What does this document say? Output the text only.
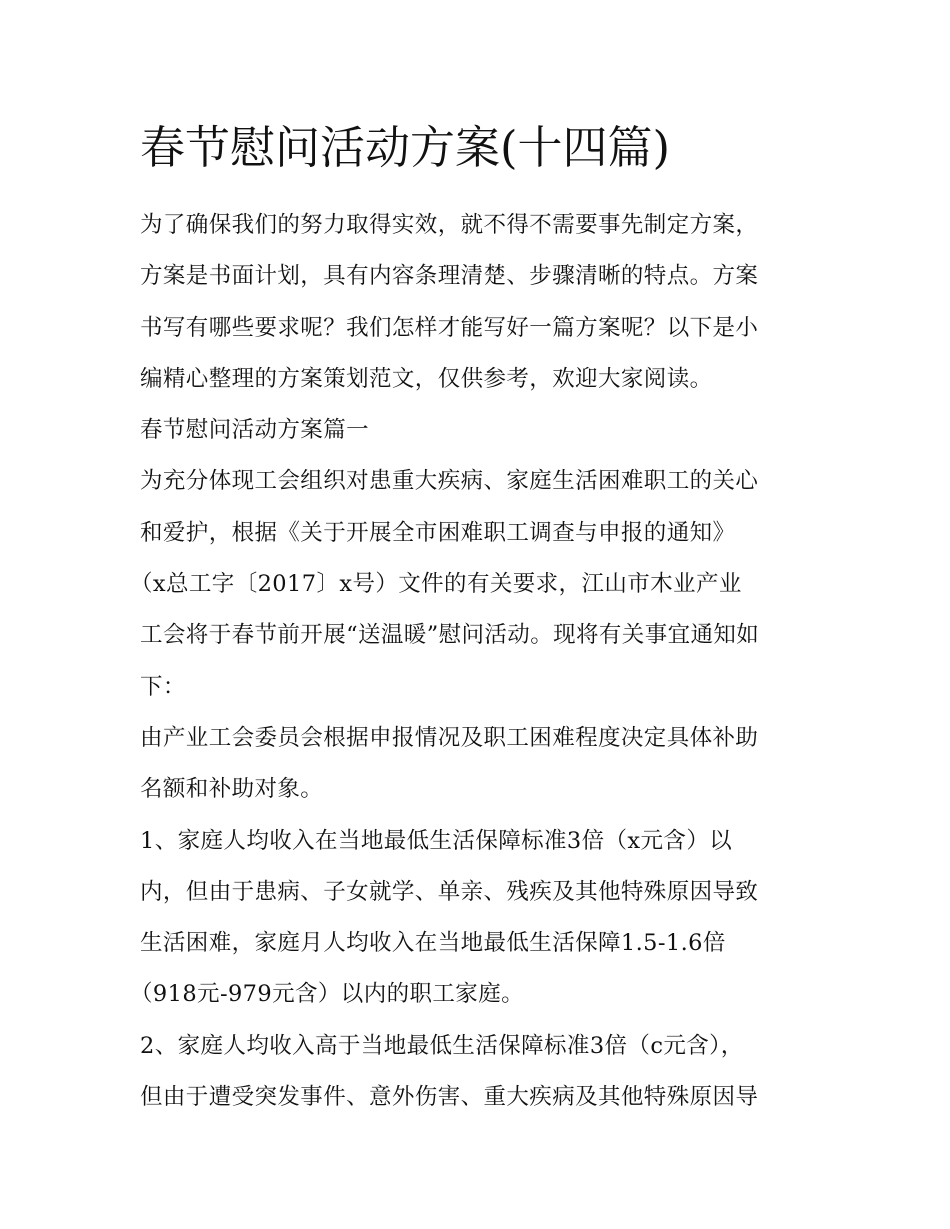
春节慰问活动方案(十四篇)
为了确保我们的努力取得实效，就不得不需要事先制定方案，
方案是书面计划，具有内容条理清楚、步骤清晰的特点。方案
书写有哪些要求呢？我们怎样才能写好一篇方案呢？以下是小
编精心整理的方案策划范文，仅供参考，欢迎大家阅读。
春节慰问活动方案篇一
为充分体现工会组织对患重大疾病、家庭生活困难职工的关心
和爱护，根据《关于开展全市困难职工调查与申报的通知》
（x总工字〔2017〕x号）文件的有关要求，江山市木业产业
工会将于春节前开展“送温暖”慰问活动。现将有关事宜通知如
下：
由产业工会委员会根据申报情况及职工困难程度决定具体补助
名额和补助对象。
1、家庭人均收入在当地最低生活保障标准3倍（x元含）以
内，但由于患病、子女就学、单亲、残疾及其他特殊原因导致
生活困难，家庭月人均收入在当地最低生活保障1.5-1.6倍
（918元-979元含）以内的职工家庭。
2、家庭人均收入高于当地最低生活保障标准3倍（c元含），
但由于遭受突发事件、意外伤害、重大疾病及其他特殊原因导
